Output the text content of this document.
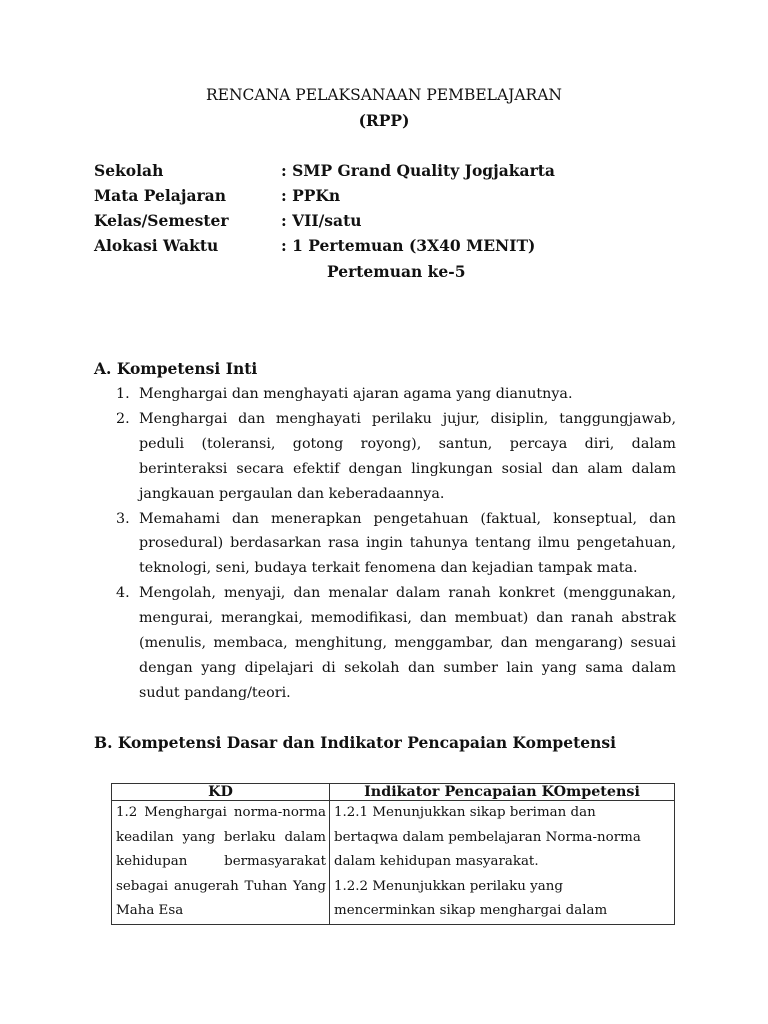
RENCANA PELAKSANAAN PEMBELAJARAN
(RPP)
Sekolah	: SMP Grand Quality Jogjakarta
Mata Pelajaran	: PPKn
Kelas/Semester	: VII/satu
Alokasi Waktu	: 1 Pertemuan (3X40 MENIT)
Pertemuan ke-5
A. Kompetensi Inti
1. Menghargai dan menghayati ajaran agama yang dianutnya.
2. Menghargai dan menghayati perilaku jujur, disiplin, tanggungjawab, peduli (toleransi, gotong royong), santun, percaya diri, dalam berinteraksi secara efektif dengan lingkungan sosial dan alam dalam jangkauan pergaulan dan keberadaannya.
3. Memahami dan menerapkan pengetahuan (faktual, konseptual, dan prosedural) berdasarkan rasa ingin tahunya tentang ilmu pengetahuan, teknologi, seni, budaya terkait fenomena dan kejadian tampak mata.
4. Mengolah, menyaji, dan menalar dalam ranah konkret (menggunakan, mengurai, merangkai, memodifikasi, dan membuat) dan ranah abstrak (menulis, membaca, menghitung, menggambar, dan mengarang) sesuai dengan yang dipelajari di sekolah dan sumber lain yang sama dalam sudut pandang/teori.
B. Kompetensi Dasar dan Indikator Pencapaian Kompetensi
KD	Indikator Pencapaian KOmpetensi
1.2 Menghargai norma-norma keadilan yang berlaku dalam kehidupan bermasyarakat sebagai anugerah Tuhan Yang Maha Esa	1.2.1 Menunjukkan sikap beriman dan
bertaqwa dalam pembelajaran Norma-norma
dalam kehidupan masyarakat.
1.2.2 Menunjukkan perilaku yang
mencerminkan sikap menghargai dalam
